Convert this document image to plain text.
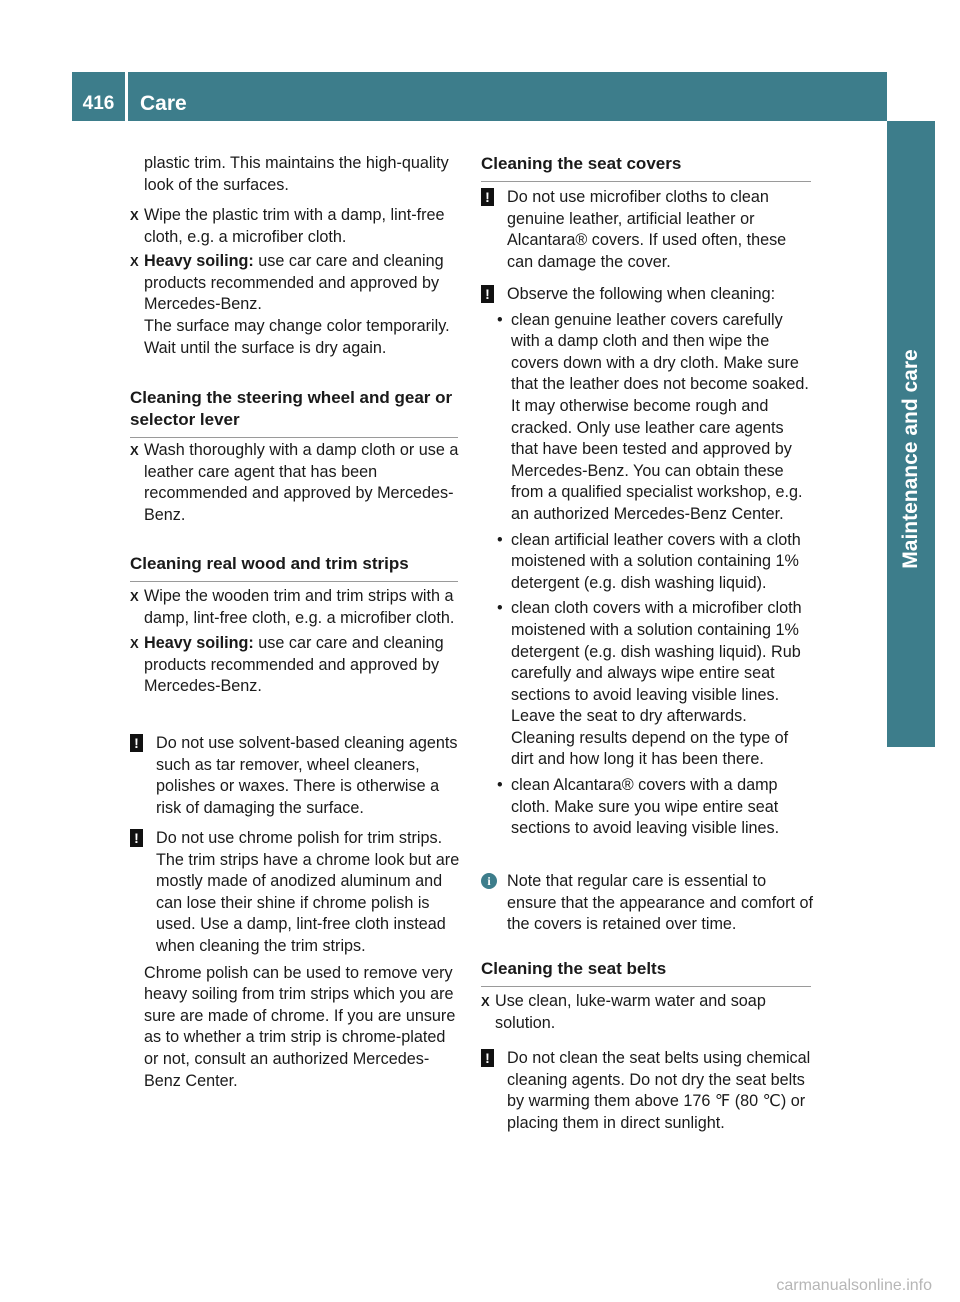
416	Care
Maintenance and care
plastic trim. This maintains the high-quality look of the surfaces.
X Wipe the plastic trim with a damp, lint-free cloth, e.g. a microfiber cloth.
X Heavy soiling: use car care and cleaning products recommended and approved by Mercedes-Benz.
The surface may change color temporarily. Wait until the surface is dry again.
Cleaning the steering wheel and gear or selector lever
X Wash thoroughly with a damp cloth or use a leather care agent that has been recommended and approved by Mercedes-Benz.
Cleaning real wood and trim strips
X Wipe the wooden trim and trim strips with a damp, lint-free cloth, e.g. a microfiber cloth.
X Heavy soiling: use car care and cleaning products recommended and approved by Mercedes-Benz.
!	Do not use solvent-based cleaning agents such as tar remover, wheel cleaners, polishes or waxes. There is otherwise a risk of damaging the surface.
!	Do not use chrome polish for trim strips. The trim strips have a chrome look but are mostly made of anodized aluminum and can lose their shine if chrome polish is used. Use a damp, lint-free cloth instead when cleaning the trim strips.
Chrome polish can be used to remove very heavy soiling from trim strips which you are sure are made of chrome. If you are unsure as to whether a trim strip is chrome-plated or not, consult an authorized Mercedes-Benz Center.
Cleaning the seat covers
!	Do not use microfiber cloths to clean genuine leather, artificial leather or Alcantara® covers. If used often, these can damage the cover.
!	Observe the following when cleaning:
• clean genuine leather covers carefully with a damp cloth and then wipe the covers down with a dry cloth. Make sure that the leather does not become soaked. It may otherwise become rough and cracked. Only use leather care agents that have been tested and approved by Mercedes-Benz. You can obtain these from a qualified specialist workshop, e.g. an authorized Mercedes-Benz Center.
• clean artificial leather covers with a cloth moistened with a solution containing 1% detergent (e.g. dish washing liquid).
• clean cloth covers with a microfiber cloth moistened with a solution containing 1% detergent (e.g. dish washing liquid). Rub carefully and always wipe entire seat sections to avoid leaving visible lines. Leave the seat to dry afterwards. Cleaning results depend on the type of dirt and how long it has been there.
• clean Alcantara® covers with a damp cloth. Make sure you wipe entire seat sections to avoid leaving visible lines.
i	Note that regular care is essential to ensure that the appearance and comfort of the covers is retained over time.
Cleaning the seat belts
X Use clean, luke-warm water and soap solution.
!	Do not clean the seat belts using chemical cleaning agents. Do not dry the seat belts by warming them above 176 ℉ (80 ℃) or placing them in direct sunlight.
carmanualsonline.info
